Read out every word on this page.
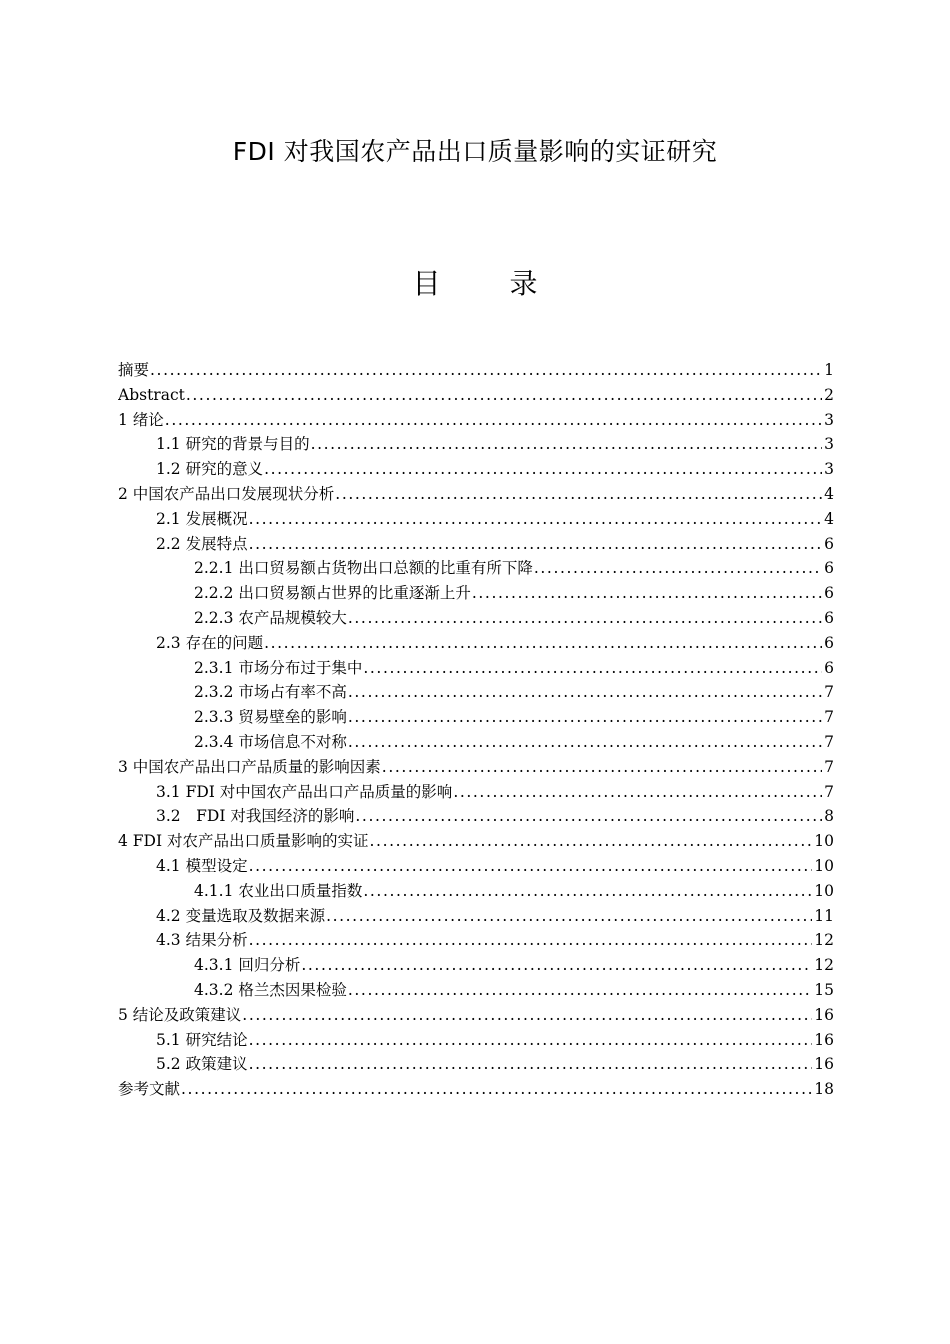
FDI 对我国农产品出口质量影响的实证研究
目 录
摘要 .....	1
Abstract .....	2
1 绪论 .....	3
1.1 研究的背景与目的 .....	3
1.2 研究的意义 .....	3
2 中国农产品出口发展现状分析 .....	4
2.1 发展概况 .....	4
2.2 发展特点 .....	6
2.2.1 出口贸易额占货物出口总额的比重有所下降 .....	6
2.2.2 出口贸易额占世界的比重逐渐上升 .....	6
2.2.3 农产品规模较大 .....	6
2.3 存在的问题 .....	6
2.3.1 市场分布过于集中 .....	6
2.3.2 市场占有率不高 .....	7
2.3.3 贸易壁垒的影响 .....	7
2.3.4 市场信息不对称 .....	7
3 中国农产品出口产品质量的影响因素 .....	7
3.1 FDI 对中国农产品出口产品质量的影响 .....	7
3.2　FDI 对我国经济的影响 .....	8
4 FDI 对农产品出口质量影响的实证 .....	10
4.1 模型设定 .....	10
4.1.1 农业出口质量指数 .....	10
4.2 变量选取及数据来源 .....	11
4.3 结果分析 .....	12
4.3.1 回归分析 .....	12
4.3.2 格兰杰因果检验 .....	15
5 结论及政策建议 .....	16
5.1 研究结论 .....	16
5.2 政策建议 .....	16
参考文献 .....	18
